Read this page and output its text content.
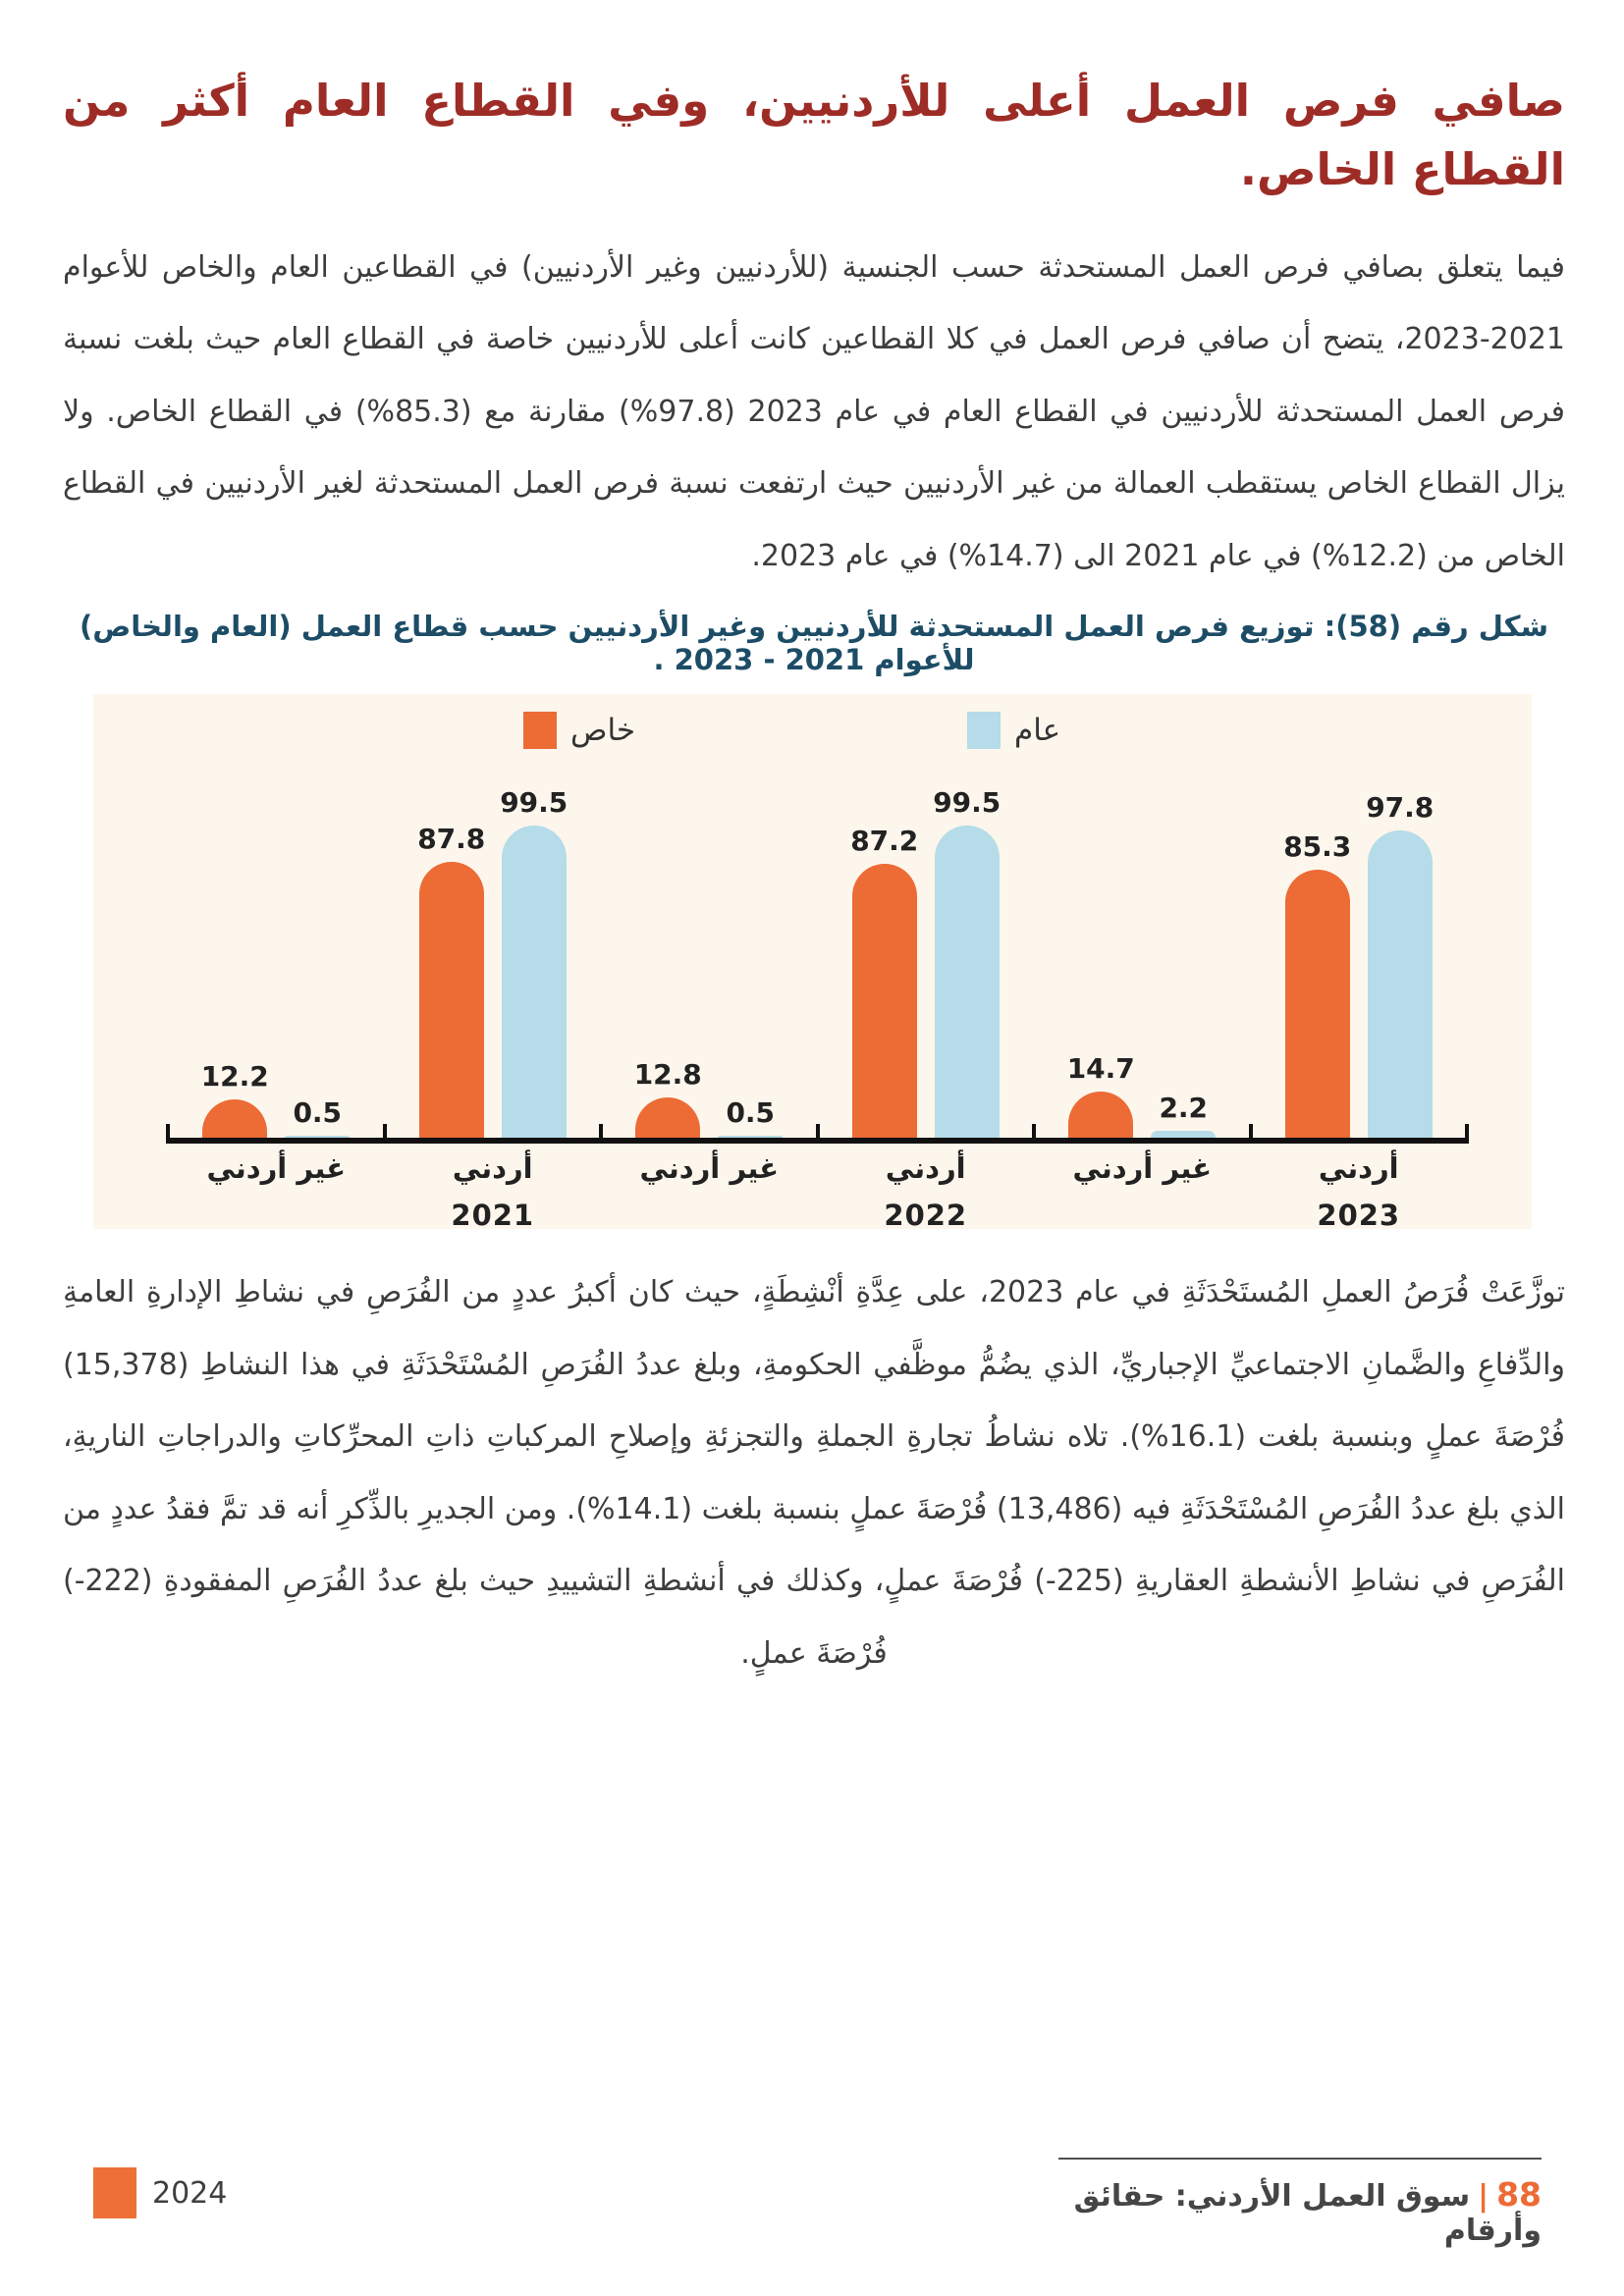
صافي فرص العمل أعلى للأردنيين، وفي القطاع العام أكثر من القطاع الخاص.

فيما يتعلق بصافي فرص العمل المستحدثة حسب الجنسية (للأردنيين وغير الأردنيين) في القطاعين العام والخاص للأعوام 2021-2023، يتضح أن صافي فرص العمل في كلا القطاعين كانت أعلى للأردنيين خاصة في القطاع العام حيث بلغت نسبة فرص العمل المستحدثة للأردنيين في القطاع العام في عام 2023 (97.8%) مقارنة مع (85.3%) في القطاع الخاص. ولا يزال القطاع الخاص يستقطب العمالة من غير الأردنيين حيث ارتفعت نسبة فرص العمل المستحدثة لغير الأردنيين في القطاع الخاص من (12.2%) في عام 2021 الى (14.7%) في عام 2023.

شكل رقم (58): توزيع فرص العمل المستحدثة للأردنيين وغير الأردنيين حسب قطاع العمل (العام والخاص) للأعوام 2021 - 2023 .

خاص	عام
12.2
0.5
غير أردني
87.8
99.5
أردني
12.8
0.5
غير أردني
87.2
99.5
أردني
14.7
2.2
غير أردني
85.3
97.8
أردني
2021	2022	2023

توزَّعَتْ فُرَصُ العملِ المُستَحْدَثَةِ في عام 2023، على عِدَّةِ أنْشِطَةٍ، حيث كان أكبرُ عددٍ من الفُرَصِ في نشاطِ الإدارةِ العامةِ والدِّفاعِ والضَّمانِ الاجتماعيِّ الإجباريِّ، الذي يضُمُّ موظَّفي الحكومةِ، وبلغ عددُ الفُرَصِ المُسْتَحْدَثَةِ في هذا النشاطِ (15,378) فُرْصَةَ عملٍ وبنسبة بلغت (16.1%). تلاه نشاطُ تجارةِ الجملةِ والتجزئةِ وإصلاحِ المركباتِ ذاتِ المحرِّكاتِ والدراجاتِ الناريةِ، الذي بلغ عددُ الفُرَصِ المُسْتَحْدَثَةِ فيه (13,486) فُرْصَةَ عملٍ بنسبة بلغت (14.1%). ومن الجديرِ بالذِّكرِ أنه قد تمَّ فقدُ عددٍ من الفُرَصِ في نشاطِ الأنشطةِ العقاريةِ (225-) فُرْصَةَ عملٍ، وكذلك في أنشطةِ التشييدِ حيث بلغ عددُ الفُرَصِ المفقودةِ (222-) فُرْصَةَ عملٍ.

2024	88|سوق العمل الأردني: حقائق وأرقام
